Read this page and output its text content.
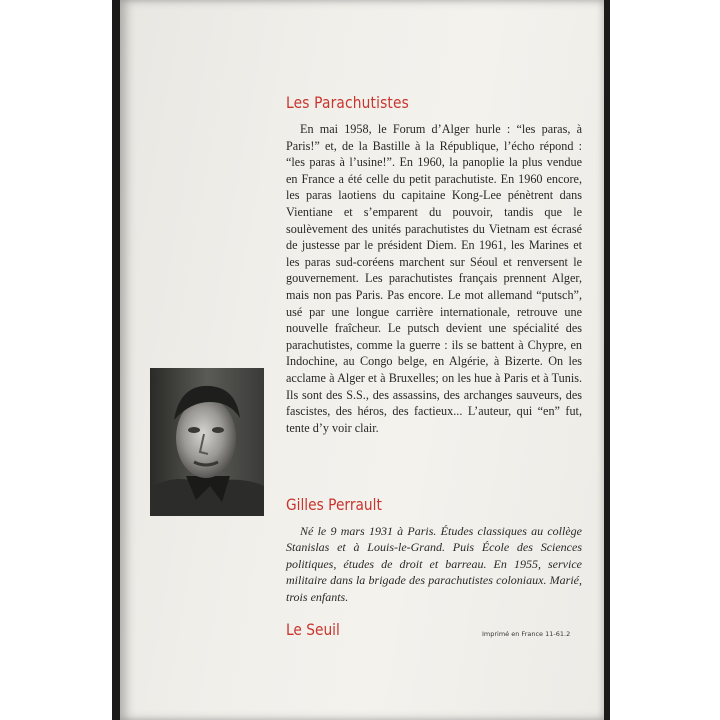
Les Parachutistes

En mai 1958, le Forum d’Alger hurle : “les paras, à Paris!” et, de la Bastille à la République, l’écho répond : “les paras à l’usine!”. En 1960, la panoplie la plus vendue en France a été celle du petit parachutiste. En 1960 encore, les paras laotiens du capitaine Kong-Lee pénètrent dans Vientiane et s’emparent du pouvoir, tandis que le soulèvement des unités parachutistes du Vietnam est écrasé de justesse par le président Diem. En 1961, les Marines et les paras sud-coréens marchent sur Séoul et renversent le gouvernement. Les parachutistes français prennent Alger, mais non pas Paris. Pas encore. Le mot allemand “putsch”, usé par une longue carrière internationale, retrouve une nouvelle fraîcheur. Le putsch devient une spécialité des parachutistes, comme la guerre : ils se battent à Chypre, en Indochine, au Congo belge, en Algérie, à Bizerte. On les acclame à Alger et à Bruxelles; on les hue à Paris et à Tunis. Ils sont des S.S., des assassins, des archanges sauveurs, des fascistes, des héros, des factieux... L’auteur, qui “en” fut, tente d’y voir clair.

Gilles Perrault

Né le 9 mars 1931 à Paris. Études classiques au collège Stanislas et à Louis-le-Grand. Puis École des Sciences politiques, études de droit et barreau. En 1955, service militaire dans la brigade des parachutistes coloniaux. Marié, trois enfants.

Le Seuil	Imprimé en France 11-61.2
